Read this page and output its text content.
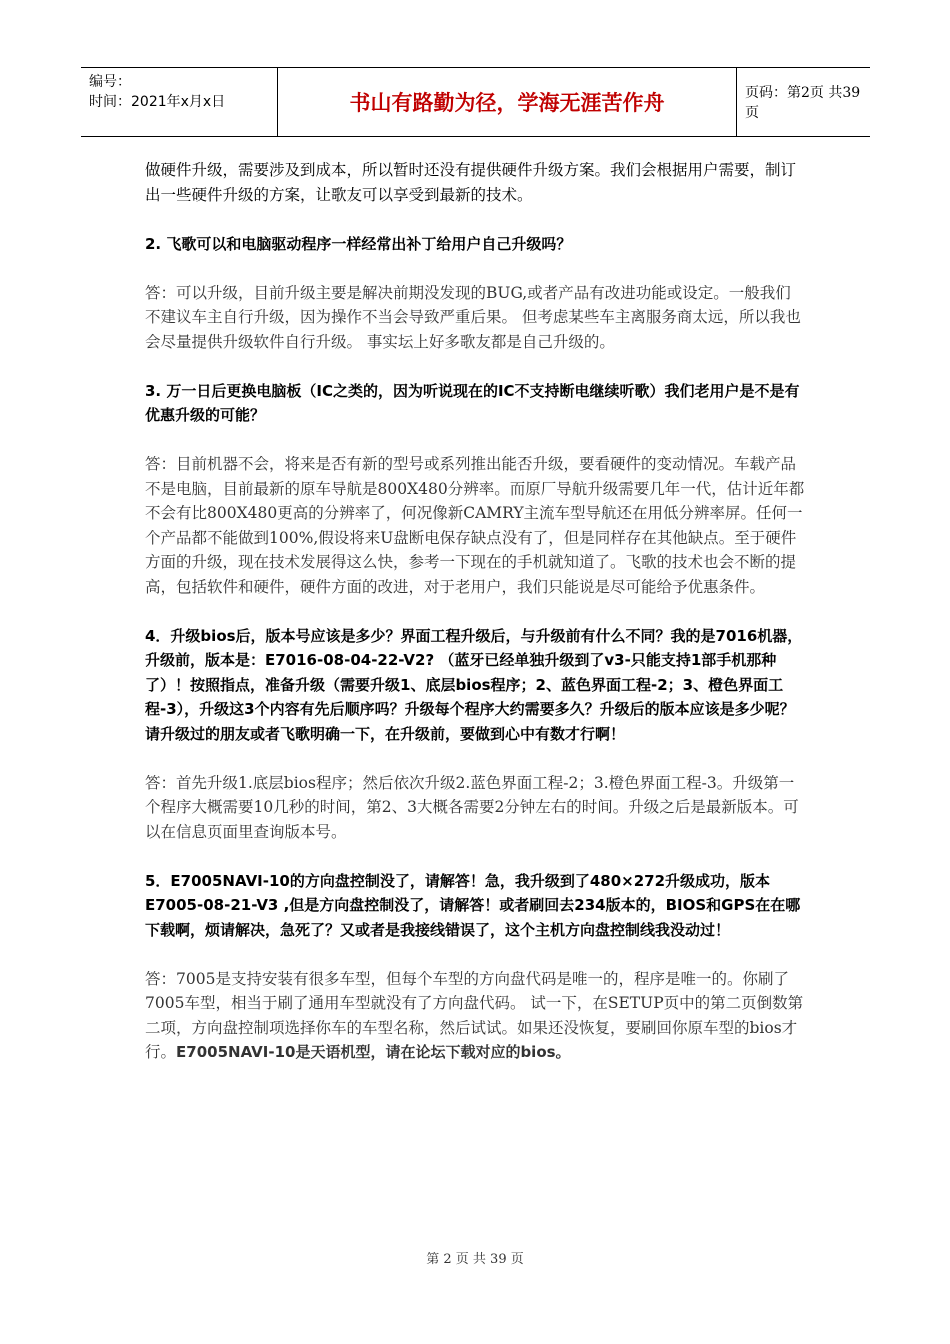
编号：
时间：2021年x月x日	书山有路勤为径，学海无涯苦作舟	页码：第2页 共39页

做硬件升级，需要涉及到成本，所以暂时还没有提供硬件升级方案。我们会根据用户需要，制订出一些硬件升级的方案，让歌友可以享受到最新的技术。

2. 飞歌可以和电脑驱动程序一样经常出补丁给用户自己升级吗？

答：可以升级，目前升级主要是解决前期没发现的BUG,或者产品有改进功能或设定。一般我们不建议车主自行升级，因为操作不当会导致严重后果。 但考虑某些车主离服务商太远，所以我也会尽量提供升级软件自行升级。 事实坛上好多歌友都是自己升级的。

3. 万一日后更换电脑板（IC之类的，因为听说现在的IC不支持断电继续听歌）我们老用户是不是有优惠升级的可能？

答：目前机器不会，将来是否有新的型号或系列推出能否升级，要看硬件的变动情况。车载产品不是电脑，目前最新的原车导航是800X480分辨率。而原厂导航升级需要几年一代，估计近年都不会有比800X480更高的分辨率了，何况像新CAMRY主流车型导航还在用低分辨率屏。任何一个产品都不能做到100%,假设将来U盘断电保存缺点没有了，但是同样存在其他缺点。至于硬件方面的升级，现在技术发展得这么快，参考一下现在的手机就知道了。飞歌的技术也会不断的提高，包括软件和硬件，硬件方面的改进，对于老用户，我们只能说是尽可能给予优惠条件。

4．升级bios后，版本号应该是多少？界面工程升级后，与升级前有什么不同？我的是7016机器，升级前，版本是：E7016-08-04-22-V2? （蓝牙已经单独升级到了v3-只能支持1部手机那种了）！按照指点，准备升级（需要升级1、底层bios程序；2、蓝色界面工程-2；3、橙色界面工程-3），升级这3个内容有先后顺序吗？升级每个程序大约需要多久？升级后的版本应该是多少呢？请升级过的朋友或者飞歌明确一下，在升级前，要做到心中有数才行啊！

答：首先升级1.底层bios程序；然后依次升级2.蓝色界面工程-2；3.橙色界面工程-3。升级第一个程序大概需要10几秒的时间，第2、3大概各需要2分钟左右的时间。升级之后是最新版本。可以在信息页面里查询版本号。

5．E7005NAVI-10的方向盘控制没了，请解答！急，我升级到了480×272升级成功，版本E7005-08-21-V3 ,但是方向盘控制没了，请解答！或者刷回去234版本的，BIOS和GPS在在哪下载啊，烦请解决，急死了？又或者是我接线错误了，这个主机方向盘控制线我没动过！

答：7005是支持安装有很多车型，但每个车型的方向盘代码是唯一的，程序是唯一的。你刷了7005车型，相当于刷了通用车型就没有了方向盘代码。 试一下，在SETUP页中的第二页倒数第二项，方向盘控制项选择你车的车型名称，然后试试。如果还没恢复，要刷回你原车型的bios才行。E7005NAVI-10是天语机型，请在论坛下载对应的bios。

第 2 页 共 39 页
